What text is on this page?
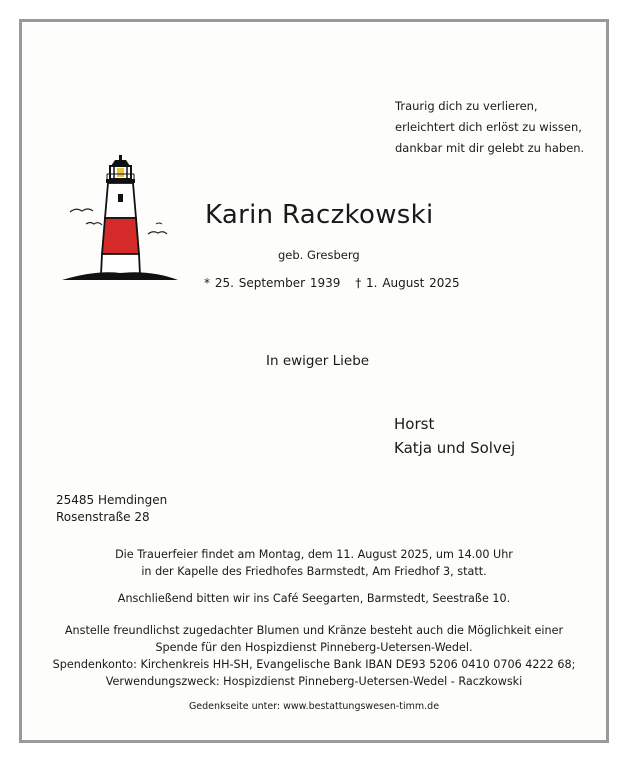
Traurig dich zu verlieren,
erleichtert dich erlöst zu wissen,
dankbar mit dir gelebt zu haben.
Karin Raczkowski
geb. Gresberg
* 25. September 1939 † 1. August 2025
In ewiger Liebe
Horst
Katja und Solvej
25485 Hemdingen
Rosenstraße 28
Die Trauerfeier findet am Montag, dem 11. August 2025, um 14.00 Uhr
in der Kapelle des Friedhofes Barmstedt, Am Friedhof 3, statt.
Anschließend bitten wir ins Café Seegarten, Barmstedt, Seestraße 10.
Anstelle freundlichst zugedachter Blumen und Kränze besteht auch die Möglichkeit einer
Spende für den Hospizdienst Pinneberg-Uetersen-Wedel.
Spendenkonto: Kirchenkreis HH-SH, Evangelische Bank IBAN DE93 5206 0410 0706 4222 68;
Verwendungszweck: Hospizdienst Pinneberg-Uetersen-Wedel - Raczkowski
Gedenkseite unter: www.bestattungswesen-timm.de
